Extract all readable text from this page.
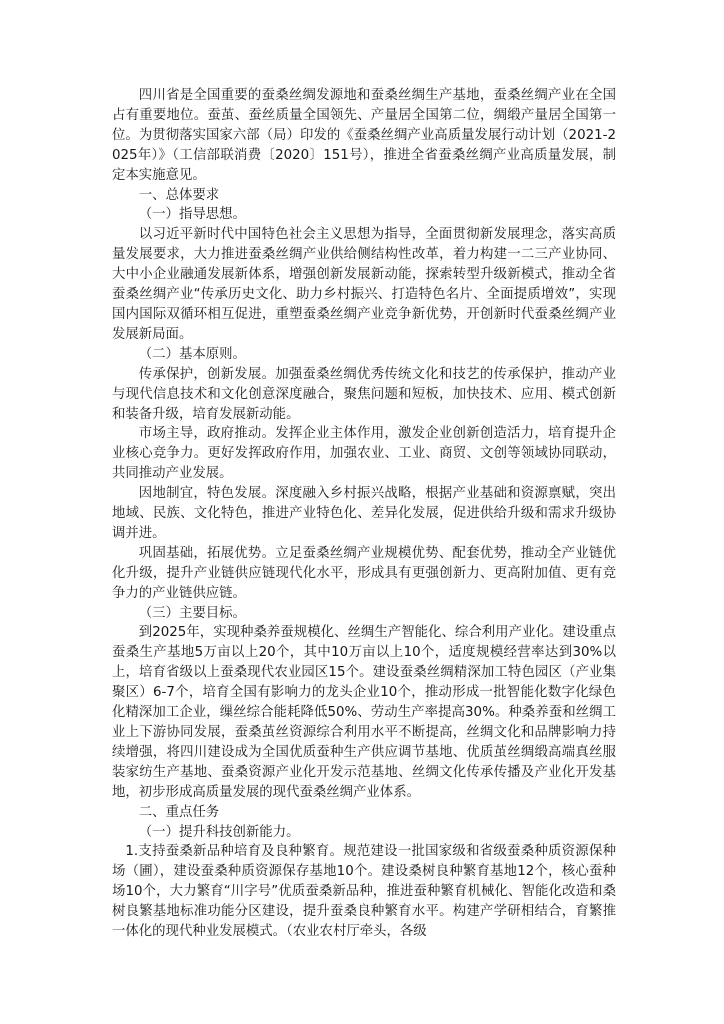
四川省是全国重要的蚕桑丝绸发源地和蚕桑丝绸生产基地，蚕桑丝绸产业在全国占有重要地位。蚕茧、蚕丝质量全国领先、产量居全国第二位，绸缎产量居全国第一位。为贯彻落实国家六部（局）印发的《蚕桑丝绸产业高质量发展行动计划（2021-2025年）》（工信部联消费〔2020〕151号），推进全省蚕桑丝绸产业高质量发展，制定本实施意见。

一、总体要求

（一）指导思想。

以习近平新时代中国特色社会主义思想为指导，全面贯彻新发展理念，落实高质量发展要求，大力推进蚕桑丝绸产业供给侧结构性改革，着力构建一二三产业协同、大中小企业融通发展新体系，增强创新发展新动能，探索转型升级新模式，推动全省蚕桑丝绸产业“传承历史文化、助力乡村振兴、打造特色名片、全面提质增效”，实现国内国际双循环相互促进，重塑蚕桑丝绸产业竞争新优势，开创新时代蚕桑丝绸产业发展新局面。

（二）基本原则。

传承保护，创新发展。加强蚕桑丝绸优秀传统文化和技艺的传承保护，推动产业与现代信息技术和文化创意深度融合，聚焦问题和短板，加快技术、应用、模式创新和装备升级，培育发展新动能。

市场主导，政府推动。发挥企业主体作用，激发企业创新创造活力，培育提升企业核心竞争力。更好发挥政府作用，加强农业、工业、商贸、文创等领域协同联动，共同推动产业发展。

因地制宜，特色发展。深度融入乡村振兴战略，根据产业基础和资源禀赋，突出地域、民族、文化特色，推进产业特色化、差异化发展，促进供给升级和需求升级协调并进。

巩固基础，拓展优势。立足蚕桑丝绸产业规模优势、配套优势，推动全产业链优化升级，提升产业链供应链现代化水平，形成具有更强创新力、更高附加值、更有竞争力的产业链供应链。

（三）主要目标。

到2025年，实现种桑养蚕规模化、丝绸生产智能化、综合利用产业化。建设重点蚕桑生产基地5万亩以上20个，其中10万亩以上10个，适度规模经营率达到30%以上，培育省级以上蚕桑现代农业园区15个。建设蚕桑丝绸精深加工特色园区（产业集聚区）6-7个，培育全国有影响力的龙头企业10个，推动形成一批智能化数字化绿色化精深加工企业，缫丝综合能耗降低50%、劳动生产率提高30%。种桑养蚕和丝绸工业上下游协同发展，蚕桑茧丝资源综合利用水平不断提高，丝绸文化和品牌影响力持续增强，将四川建设成为全国优质蚕种生产供应调节基地、优质茧丝绸缎高端真丝服装家纺生产基地、蚕桑资源产业化开发示范基地、丝绸文化传承传播及产业化开发基地，初步形成高质量发展的现代蚕桑丝绸产业体系。

二、重点任务

（一）提升科技创新能力。

1.支持蚕桑新品种培育及良种繁育。规范建设一批国家级和省级蚕桑种质资源保种场（圃），建设蚕桑种质资源保存基地10个。建设桑树良种繁育基地12个，核心蚕种场10个，大力繁育“川字号”优质蚕桑新品种，推进蚕种繁育机械化、智能化改造和桑树良繁基地标准功能分区建设，提升蚕桑良种繁育水平。构建产学研相结合，育繁推一体化的现代种业发展模式。（农业农村厅牵头，各级
